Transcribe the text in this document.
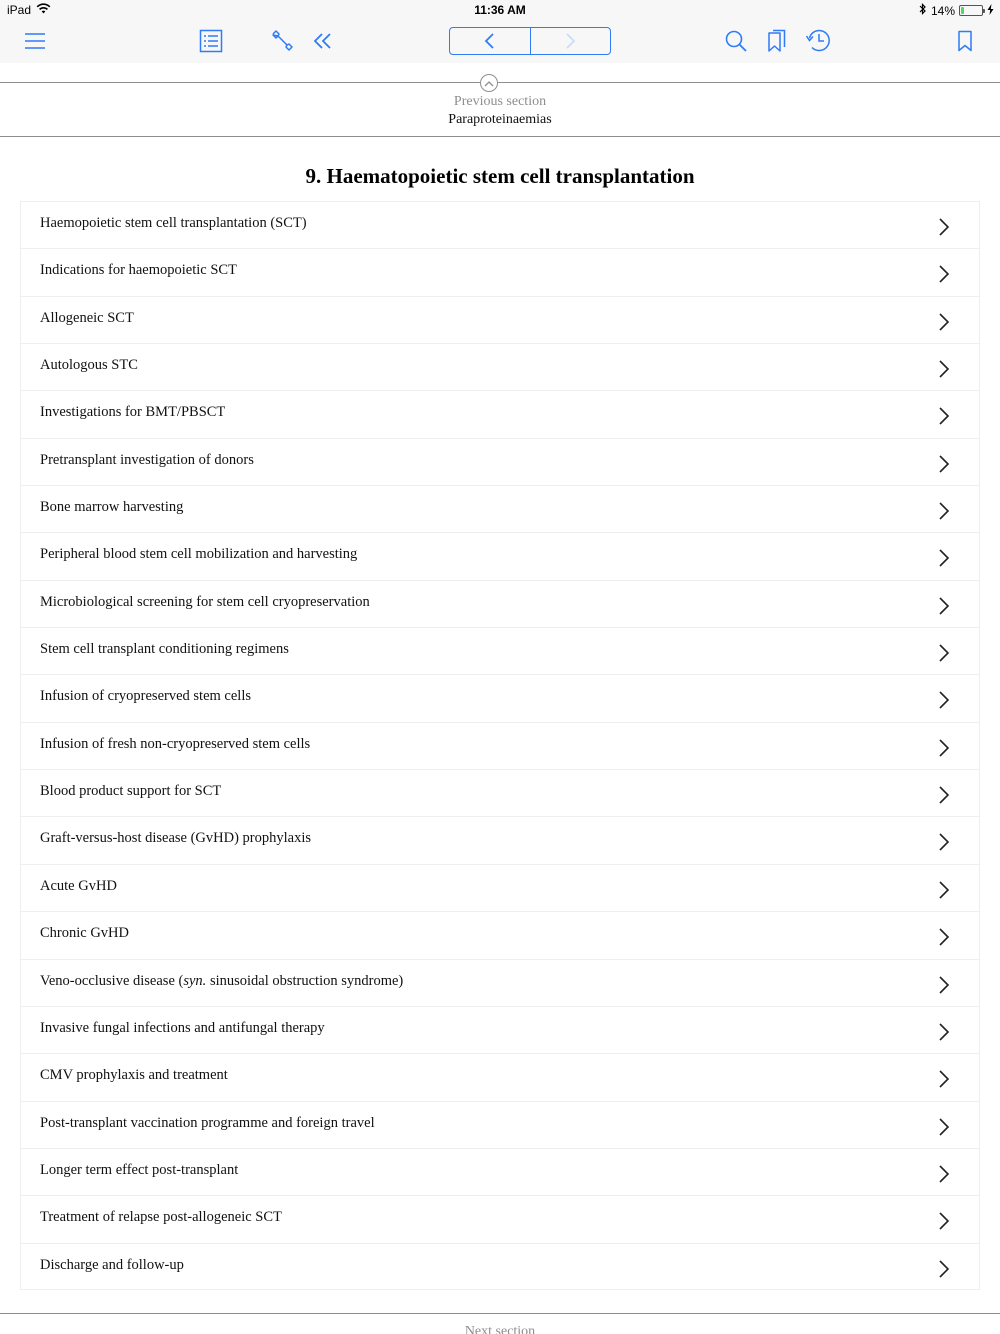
iPad	11:36 AM	14%
Previous section
Paraproteinaemias
9. Haematopoietic stem cell transplantation
Haemopoietic stem cell transplantation (SCT)
Indications for haemopoietic SCT
Allogeneic SCT
Autologous STC
Investigations for BMT/PBSCT
Pretransplant investigation of donors
Bone marrow harvesting
Peripheral blood stem cell mobilization and harvesting
Microbiological screening for stem cell cryopreservation
Stem cell transplant conditioning regimens
Infusion of cryopreserved stem cells
Infusion of fresh non-cryopreserved stem cells
Blood product support for SCT
Graft-versus-host disease (GvHD) prophylaxis
Acute GvHD
Chronic GvHD
Veno-occlusive disease (syn. sinusoidal obstruction syndrome)
Invasive fungal infections and antifungal therapy
CMV prophylaxis and treatment
Post-transplant vaccination programme and foreign travel
Longer term effect post-transplant
Treatment of relapse post-allogeneic SCT
Discharge and follow-up
Next section
